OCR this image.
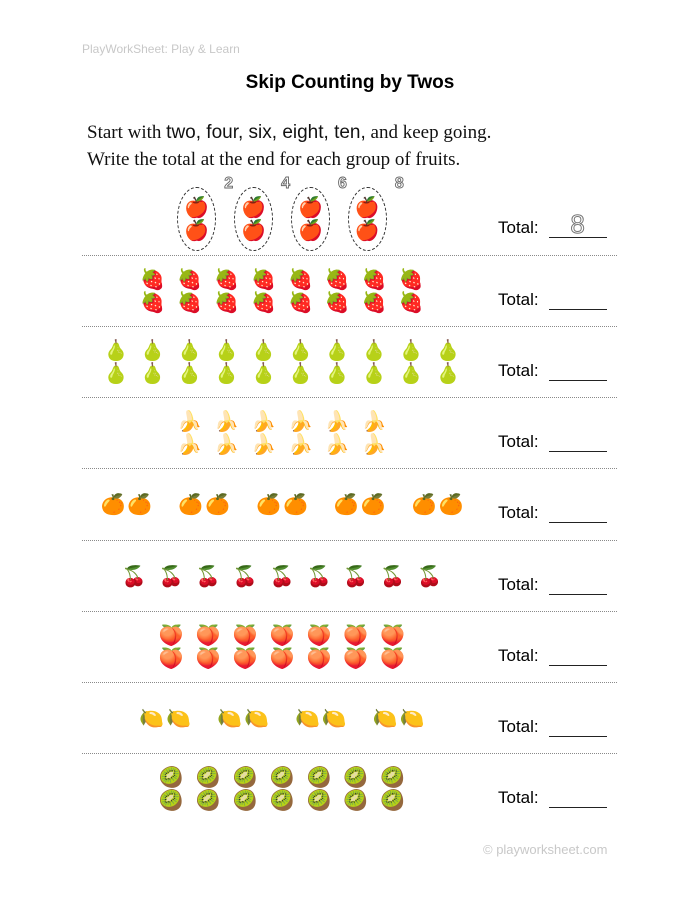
PlayWorkSheet: Play & Learn
Skip Counting by Twos
Start with two, four, six, eight, ten, and keep going.
Write the total at the end for each group of fruits.
🍎
🍎
2
🍎
🍎
4
🍎
🍎
6
🍎
🍎
8
Total:	8
🍓
🍓
🍓
🍓
🍓
🍓
🍓
🍓
🍓
🍓
🍓
🍓
🍓
🍓
🍓
🍓	Total:
🍐
🍐
🍐
🍐
🍐
🍐
🍐
🍐
🍐
🍐
🍐
🍐
🍐
🍐
🍐
🍐
🍐
🍐
🍐
🍐 Total:
🍌
🍌
🍌
🍌
🍌
🍌
🍌
🍌
🍌
🍌
🍌
🍌	Total:
🍊 🍊 🍊 🍊 🍊 🍊 🍊 🍊 🍊 🍊 Total:
🍒 🍒 🍒 🍒 🍒 🍒 🍒 🍒 🍒	Total:
🍑
🍑
🍑
🍑
🍑
🍑
🍑
🍑
🍑
🍑
🍑
🍑
🍑
🍑	Total:
🍋 🍋 🍋 🍋 🍋 🍋 🍋 🍋	Total:
🥝
🥝
🥝
🥝
🥝
🥝
🥝
🥝
🥝
🥝
🥝
🥝
🥝
🥝	Total:
© playworksheet.com
